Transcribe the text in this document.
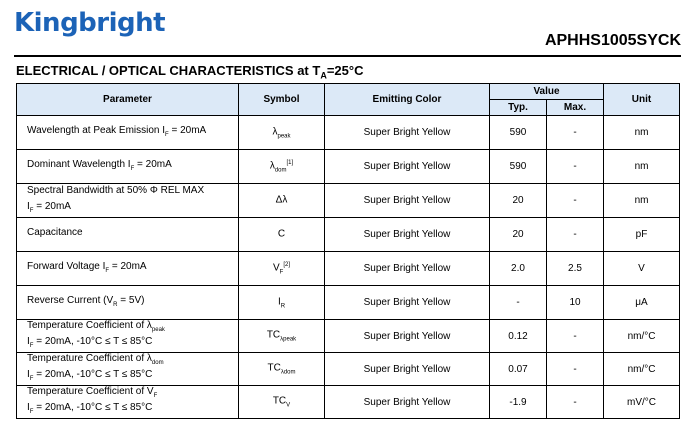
Kingbright
APHHS1005SYCK
ELECTRICAL / OPTICAL CHARACTERISTICS at $T_A=25^\circ C$
Parameter	Symbol	Emitting Color	Value		Unit
			Typ.	Max.	
Wavelength at Peak Emission $I_F = 20mA$	$\lambda_{peak}$	Super Bright Yellow	590	-	nm
Dominant Wavelength $I_F = 20mA$	$\lambda_{dom}[1]$	Super Bright Yellow	590	-	nm
Spectral Bandwidth at 50% Φ REL MAX
$I_F = 20mA$	Δλ	Super Bright Yellow	20	-	nm
Capacitance	C	Super Bright Yellow	20	-	pF
Forward Voltage $I_F = 20mA$	$V_F[2]$	Super Bright Yellow	2.0	2.5	V
Reverse Current $(V_R = 5V)$	$I_R$	Super Bright Yellow	-	10	μA
Temperature Coefficient of $\lambda_{peak}$
$I_F = 20mA$, -10°C ≤ T ≤ 85°C	$TC_{\lambda peak}$	Super Bright Yellow	0.12	-	nm/°C
Temperature Coefficient of $\lambda_{dom}$
$I_F = 20mA$, -10°C ≤ T ≤ 85°C	$TC_{\lambda dom}$	Super Bright Yellow	0.07	-	nm/°C
Temperature Coefficient of $V_F$
$I_F = 20mA$, -10°C ≤ T ≤ 85°C	$TC_V$	Super Bright Yellow	-1.9	-	mV/°C
